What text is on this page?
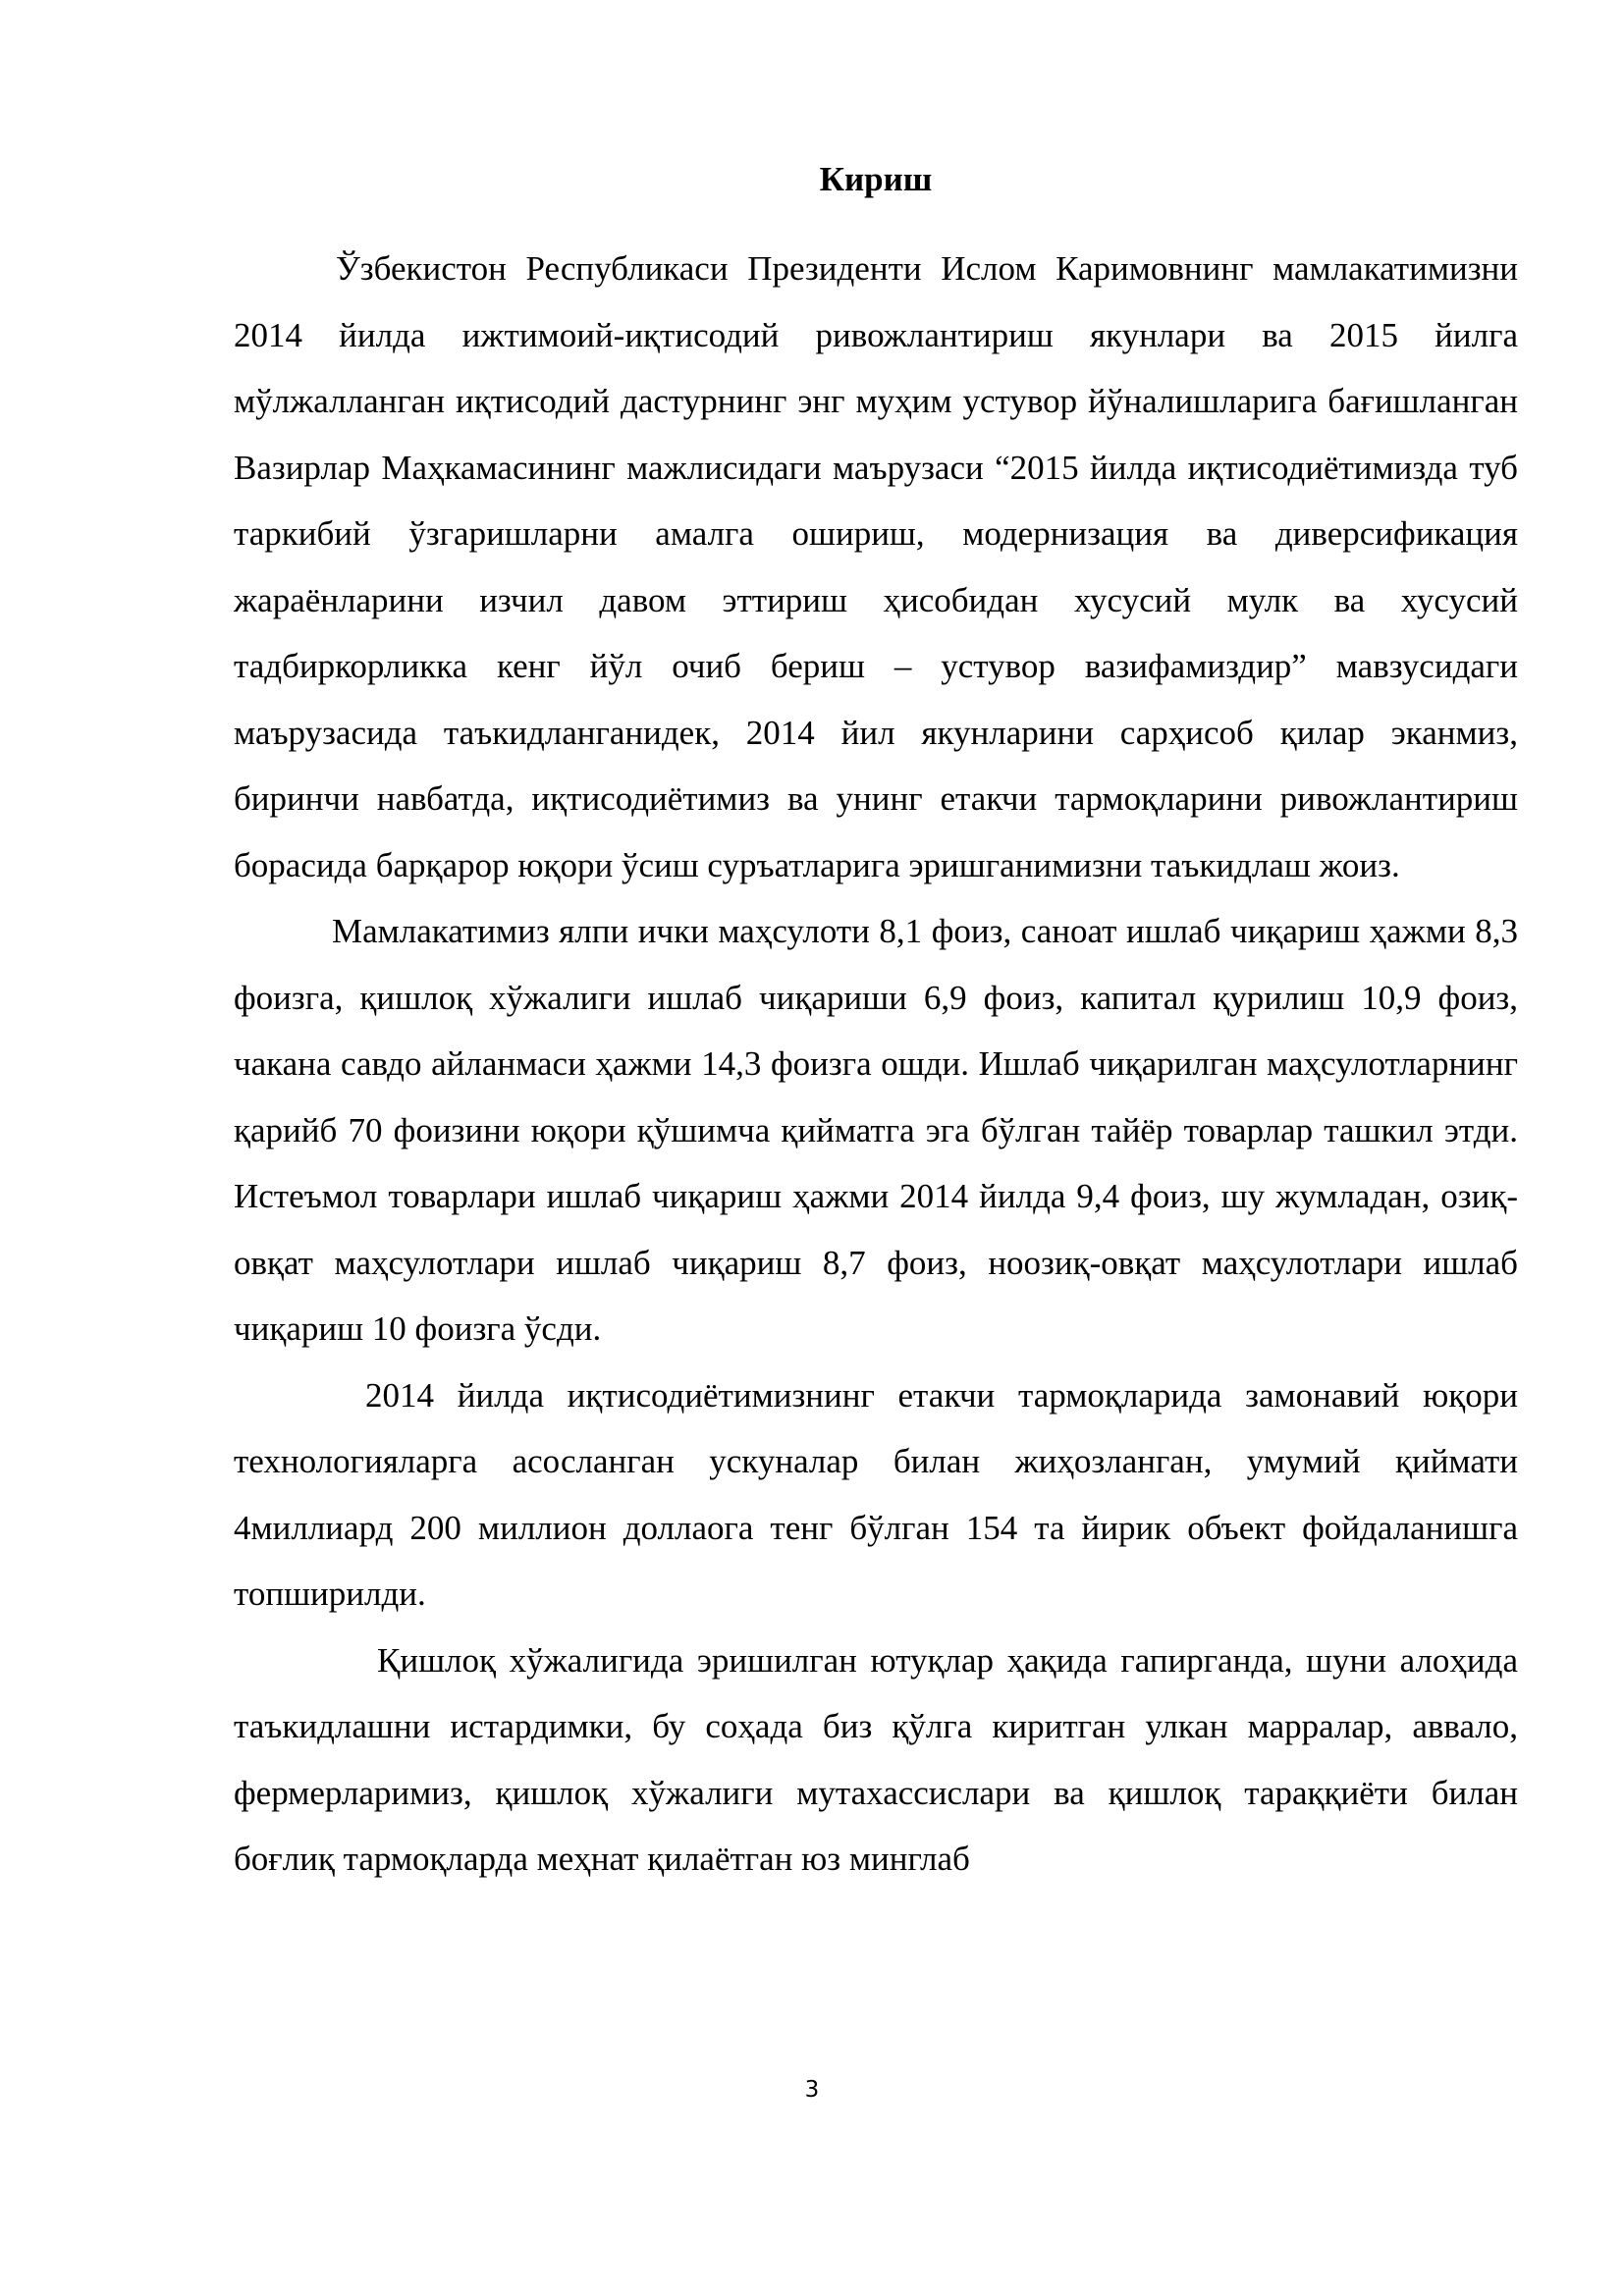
Кириш

Ўзбекистон Республикаси Президенти Ислом Каримовнинг мамлакатимизни 2014 йилда ижтимоий-иқтисодий ривожлантириш якунлари ва 2015 йилга мўлжалланган иқтисодий дастурнинг энг муҳим устувор йўналишларига бағишланган Вазирлар Маҳкамасининг мажлисидаги маърузаси “2015 йилда иқтисодиётимизда туб таркибий ўзгаришларни амалга ошириш, модернизация ва диверсификация жараёнларини изчил давом эттириш ҳисобидан хусусий мулк ва хусусий тадбиркорликка кенг йўл очиб бериш – устувор вазифамиздир” мавзусидаги маърузасида таъкидланганидек, 2014 йил якунларини сарҳисоб қилар эканмиз, биринчи навбатда, иқтисодиётимиз ва унинг етакчи тармоқларини ривожлантириш борасида барқарор юқори ўсиш суръатларига эришганимизни таъкидлаш жоиз.

Мамлакатимиз ялпи ички маҳсулоти 8,1 фоиз, саноат ишлаб чиқариш ҳажми 8,3 фоизга, қишлоқ хўжалиги ишлаб чиқариши 6,9 фоиз, капитал қурилиш 10,9 фоиз, чакана савдо айланмаси ҳажми 14,3 фоизга ошди. Ишлаб чиқарилган маҳсулотларнинг қарийб 70 фоизини юқори қўшимча қийматга эга бўлган тайёр товарлар ташкил этди. Истеъмол товарлари ишлаб чиқариш ҳажми 2014 йилда 9,4 фоиз, шу жумладан, озиқ-овқат маҳсулотлари ишлаб чиқариш 8,7 фоиз, ноозиқ-овқат маҳсулотлари ишлаб чиқариш 10 фоизга ўсди.

2014 йилда иқтисодиётимизнинг етакчи тармоқларида замонавий юқори технологияларга асосланган ускуналар билан жиҳозланган, умумий қиймати 4миллиард 200 миллион доллаога тенг бўлган 154 та йирик объект фойдаланишга топширилди.

Қишлоқ хўжалигида эришилган ютуқлар ҳақида гапирганда, шуни алоҳида таъкидлашни истардимки, бу соҳада биз қўлга киритган улкан марралар, аввало, фермерларимиз, қишлоқ хўжалиги мутахассислари ва қишлоқ тараққиёти билан боғлиқ тармоқларда меҳнат қилаётган юз минглаб

3
